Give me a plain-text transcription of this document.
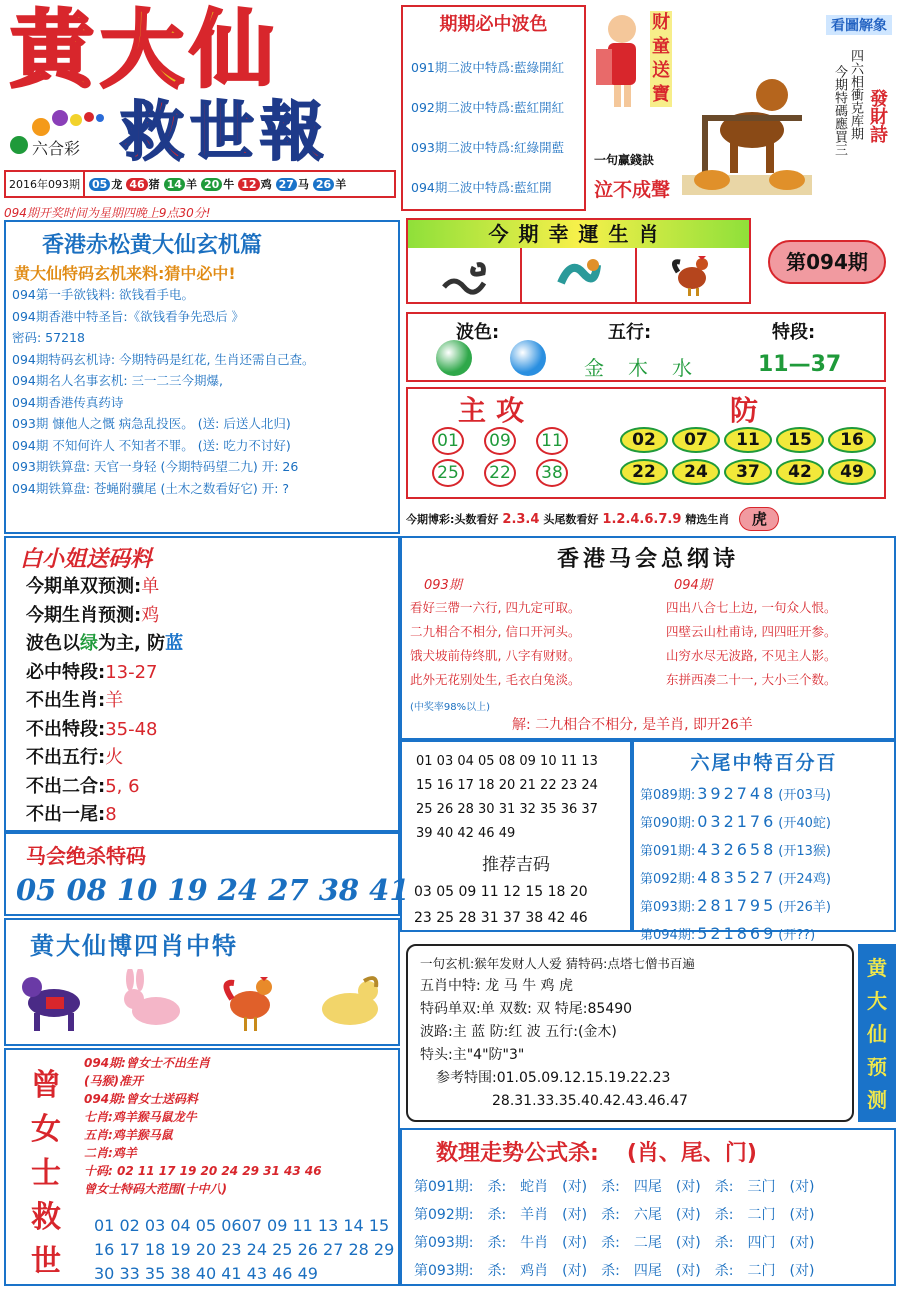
黄大仙
六合彩 救世報
2016年093期	05 龙 46 猪 14 羊 20 牛 12 鸡 27 马 26 羊
094期开奖时间为星期四晚上9点30分!
期期必中波色
091期二波中特爲:藍綠開紅
092期二波中特爲:藍紅開紅
093期二波中特爲:紅綠開藍
094期二波中特爲:藍紅開
财童送寶
一句赢錢訣
泣不成聲
看圖解象
四六相衝克库期
今期特碼應買三 發財詩
香港赤松黄大仙玄机篇
黄大仙特码玄机来料:猜中必中!
094第一手欲钱料: 欲钱看手电。
094期香港中特圣旨:《欲钱看争先恐后 》
密码: 57218
094期特码玄机诗: 今期特码是红花, 生肖还需自己查。
094期名人名事玄机: 三一二三今期爆,
094期香港传真药诗
093期 慷他人之慨 病急乱投医。 (送: 后送人北归)
094期 不知何许人 不知者不罪。 (送: 吃力不讨好)
093期铁算盘: 天官一身轻 (今期特码望二九) 开: 26
094期铁算盘: 苍蝇附骥尾 (土木之数看好它) 开: ?
今期幸運生肖
第094期
波色:	五行:	特段:
金 木 水	11—37
主攻	防
01	09	11
25	22	38
02	07	11	15	16
22	24	37	42	49
今期博彩:头数看好 2.3.4 头尾数看好 1.2.4.6.7.9 精选生肖	虎
白小姐送码料
今期单双预测:单
今期生肖预测:鸡
波色以绿为主, 防蓝
必中特段:13-27
不出生肖:羊
不出特段:35-48
不出五行:火
不出二合:5, 6
不出一尾:8
马会绝杀特码
05 08 10 19 24 27 38 41
黄大仙博四肖中特
曾
女
士
救
世
094期:曾女士不出生肖
(马猴)准开
094期:曾女士送码料
七肖:鸡羊猴马鼠龙牛
五肖:鸡羊猴马鼠
二肖:鸡羊
十码: 02 11 17 19 20 24 29 31 43 46
曾女士特码大范围(十中八)
01 02 03 04 05 0607 09 11 13 14 15
16 17 18 19 20 23 24 25 26 27 28 29
30 33 35 38 40 41 43 46 49
香港马会总纲诗
093期	094期
看好三帶一六行, 四九定可取。
二九相合不相分, 信口开河头。
饿犬坡前侍终肌, 八字有财财。
此外无花别处生, 毛衣白兔淡。
四出八合七上边, 一句众人恨。
四壁云山杜甫诗, 四四旺开参。
山穷水尽无波路, 不见主人影。
东拼西凑二十一, 大小三个数。
(中奖率98%以上)
解: 二九相合不相分, 是羊肖, 即开26羊
01 03 04 05 08 09 10 11 13
15 16 17 18 20 21 22 23 24
25 26 28 30 31 32 35 36 37
39 40 42 46 49
推荐吉码
03 05 09 11 12 15 18 20
23 25 28 31 37 38 42 46
六尾中特百分百
第089期: 392748 (开03马)
第090期: 032176 (开40蛇)
第091期: 432658 (开13猴)
第092期: 483527 (开24鸡)
第093期: 281795 (开26羊)
第094期: 521869 (开??)
一句玄机:猴年发财人人爱 猜特码:点塔七僧书百遍
五肖中特: 龙 马 牛 鸡 虎
特码单双:单 双数: 双 特尾:85490
波路:主 蓝 防:红 波 五行:(金木)
特头:主"4"防"3"
参考特围:01.05.09.12.15.19.22.23
28.31.33.35.40.42.43.46.47
黄
大
仙
预
测
数理走势公式杀: (肖、尾、门)
第091期: 杀: 蛇肖 (对) 杀: 四尾 (对) 杀: 三门 (对)
第092期: 杀: 羊肖 (对) 杀: 六尾 (对) 杀: 二门 (对)
第093期: 杀: 牛肖 (对) 杀: 二尾 (对) 杀: 四门 (对)
第093期: 杀: 鸡肖 (对) 杀: 四尾 (对) 杀: 二门 (对)
